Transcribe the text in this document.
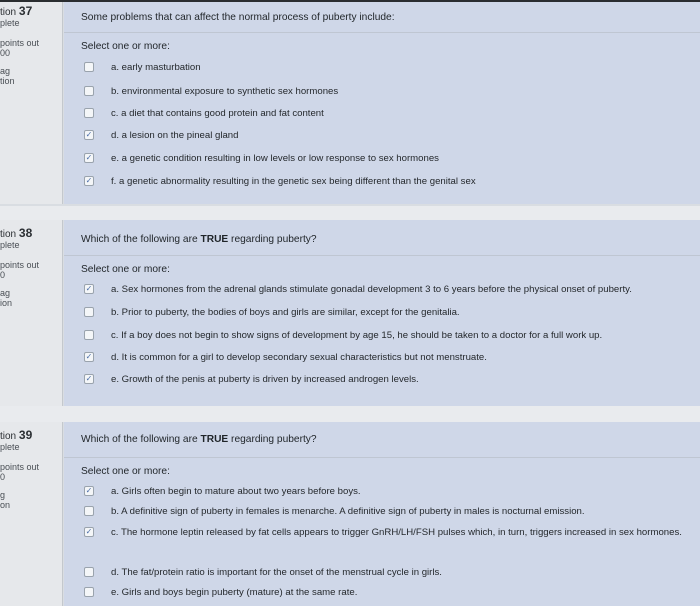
tion 37
plete
points out
00
ag
tion
Some problems that can affect the normal process of puberty include:
Select one or more:
a. early masturbation
b. environmental exposure to synthetic sex hormones
c. a diet that contains good protein and fat content
✓ d. a lesion on the pineal gland
✓ e. a genetic condition resulting in low levels or low response to sex hormones
✓ f. a genetic abnormality resulting in the genetic sex being different than the genital sex
tion 38
plete
points out
0
ag
ion
Which of the following are TRUE regarding puberty?
Select one or more:
✓ a. Sex hormones from the adrenal glands stimulate gonadal development 3 to 6 years before the physical onset of puberty.
b. Prior to puberty, the bodies of boys and girls are similar, except for the genitalia.
c. If a boy does not begin to show signs of development by age 15, he should be taken to a doctor for a full work up.
✓ d. It is common for a girl to develop secondary sexual characteristics but not menstruate.
✓ e. Growth of the penis at puberty is driven by increased androgen levels.
tion 39
plete
points out
0
g
on
Which of the following are TRUE regarding puberty?
Select one or more:
✓ a. Girls often begin to mature about two years before boys.
b. A definitive sign of puberty in females is menarche. A definitive sign of puberty in males is nocturnal emission.
✓ c. The hormone leptin released by fat cells appears to trigger GnRH/LH/FSH pulses which, in turn, triggers increased in sex hormones.
d. The fat/protein ratio is important for the onset of the menstrual cycle in girls.
e. Girls and boys begin puberty (mature) at the same rate.
